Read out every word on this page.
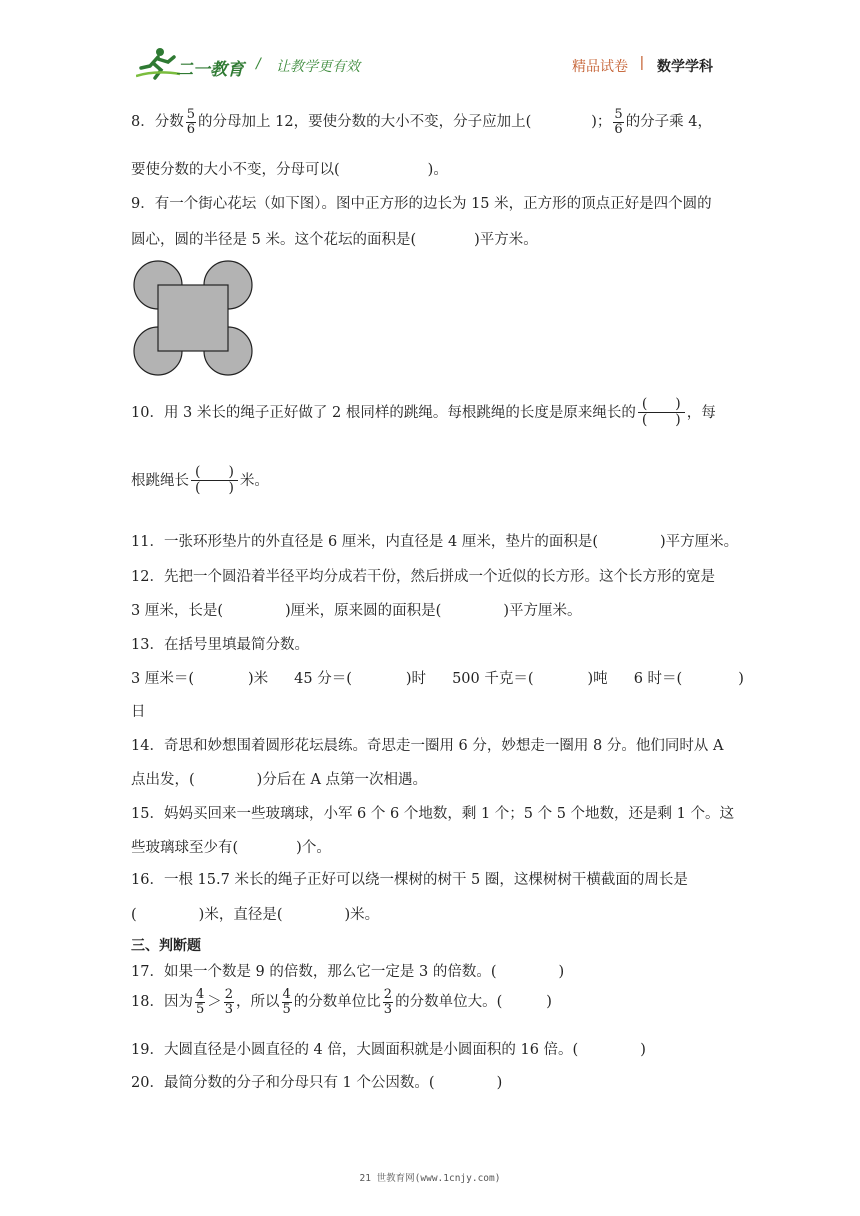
二一教育 / 让教学更有效	精品试卷 | 数学学科
8．分数 $\frac{5}{6}$ 的分母加上 12，要使分数的大小不变，分子应加上(	)； $\frac{5}{6}$ 的分子乘 4，
要使分数的大小不变，分母可以(	)。
9．有一个街心花坛（如下图）。图中正方形的边长为 15 米，正方形的顶点正好是四个圆的
圆心，圆的半径是 5 米。这个花坛的面积是(	)平方米。
10．用 3 米长的绳子正好做了 2 根同样的跳绳。每根跳绳的长度是原来绳长的
(　　)
(　　) ，每
根跳绳长
(　　)
(　　) 米。
11．一张环形垫片的外直径是 6 厘米，内直径是 4 厘米，垫片的面积是(	)平方厘米。
12．先把一个圆沿着半径平均分成若干份，然后拼成一个近似的长方形。这个长方形的宽是
3 厘米，长是(	)厘米，原来圆的面积是(	)平方厘米。
13．在括号里填最简分数。
3 厘米＝(	)米 45 分＝(	)时 500 千克＝(	)吨 6 时＝(	)
日
14．奇思和妙想围着圆形花坛晨练。奇思走一圈用 6 分，妙想走一圈用 8 分。他们同时从 A
点出发，(	)分后在 A 点第一次相遇。
15．妈妈买回来一些玻璃球，小军 6 个 6 个地数，剩 1 个；5 个 5 个地数，还是剩 1 个。这
些玻璃球至少有(	)个。
16．一根 15.7 米长的绳子正好可以绕一棵树的树干 5 圈，这棵树树干横截面的周长是
(	)米，直径是(	)米。
三、判断题
17．如果一个数是 9 的倍数，那么它一定是 3 的倍数。(	)
18．因为 $\frac{4}{5} > \frac{2}{3}$ ，所以 $\frac{4}{5}$ 的分数单位比 $\frac{2}{3}$ 的分数单位大。(	)
19．大圆直径是小圆直径的 4 倍，大圆面积就是小圆面积的 16 倍。(	)
20．最简分数的分子和分母只有 1 个公因数。(	)
21 世教育网(www.1cnjy.com)
